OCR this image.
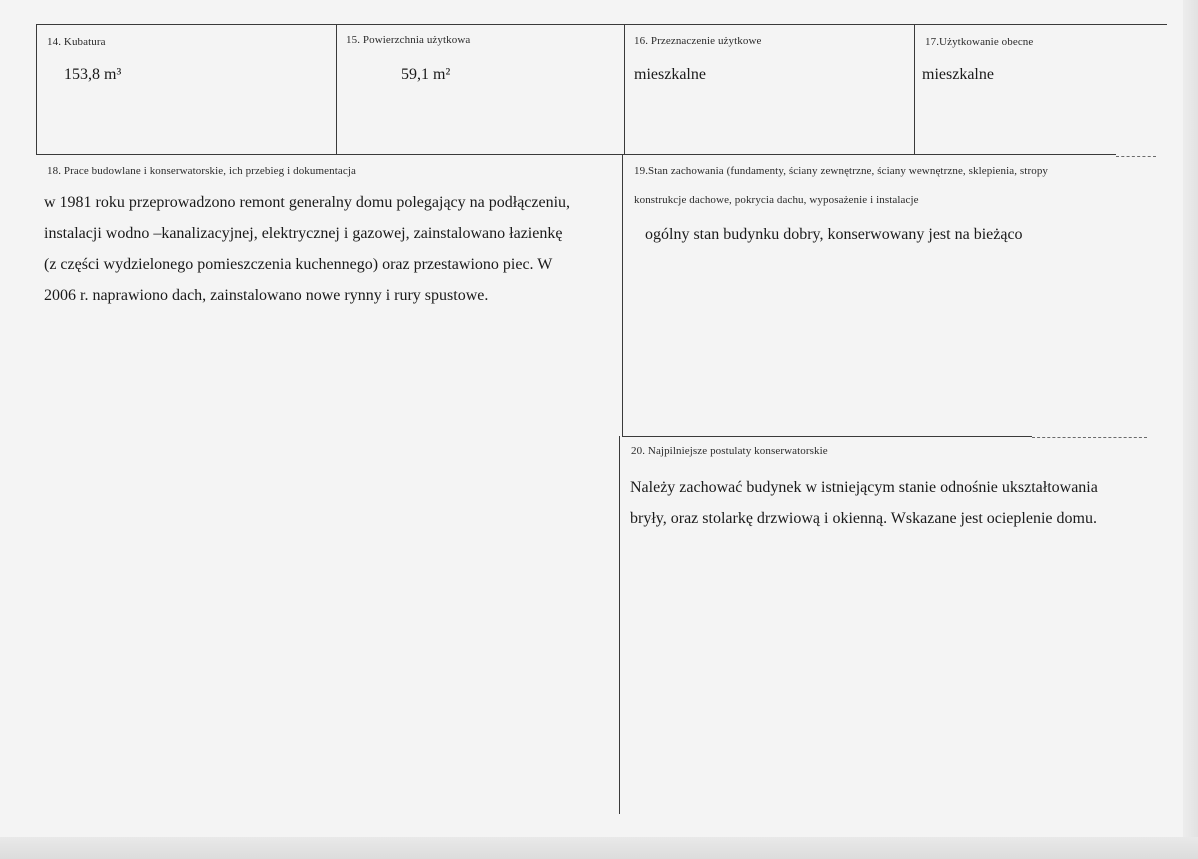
14. Kubatura
153,8 m³
15. Powierzchnia użytkowa
59,1 m²
16. Przeznaczenie użytkowe
mieszkalne
17.Użytkowanie obecne
mieszkalne
18. Prace budowlane i konserwatorskie, ich przebieg i dokumentacja
w 1981 roku przeprowadzono remont generalny domu polegający na podłączeniu,
instalacji wodno –kanalizacyjnej, elektrycznej i gazowej, zainstalowano łazienkę
(z części wydzielonego pomieszczenia kuchennego) oraz przestawiono piec. W
2006 r. naprawiono dach, zainstalowano nowe rynny i rury spustowe.
19.Stan zachowania (fundamenty, ściany zewnętrzne, ściany wewnętrzne, sklepienia, stropy
konstrukcje dachowe, pokrycia dachu, wyposażenie i instalacje
ogólny stan budynku dobry, konserwowany jest na bieżąco
20. Najpilniejsze postulaty konserwatorskie
Należy zachować budynek w istniejącym stanie odnośnie ukształtowania
bryły, oraz stolarkę drzwiową i okienną. Wskazane jest ocieplenie domu.
